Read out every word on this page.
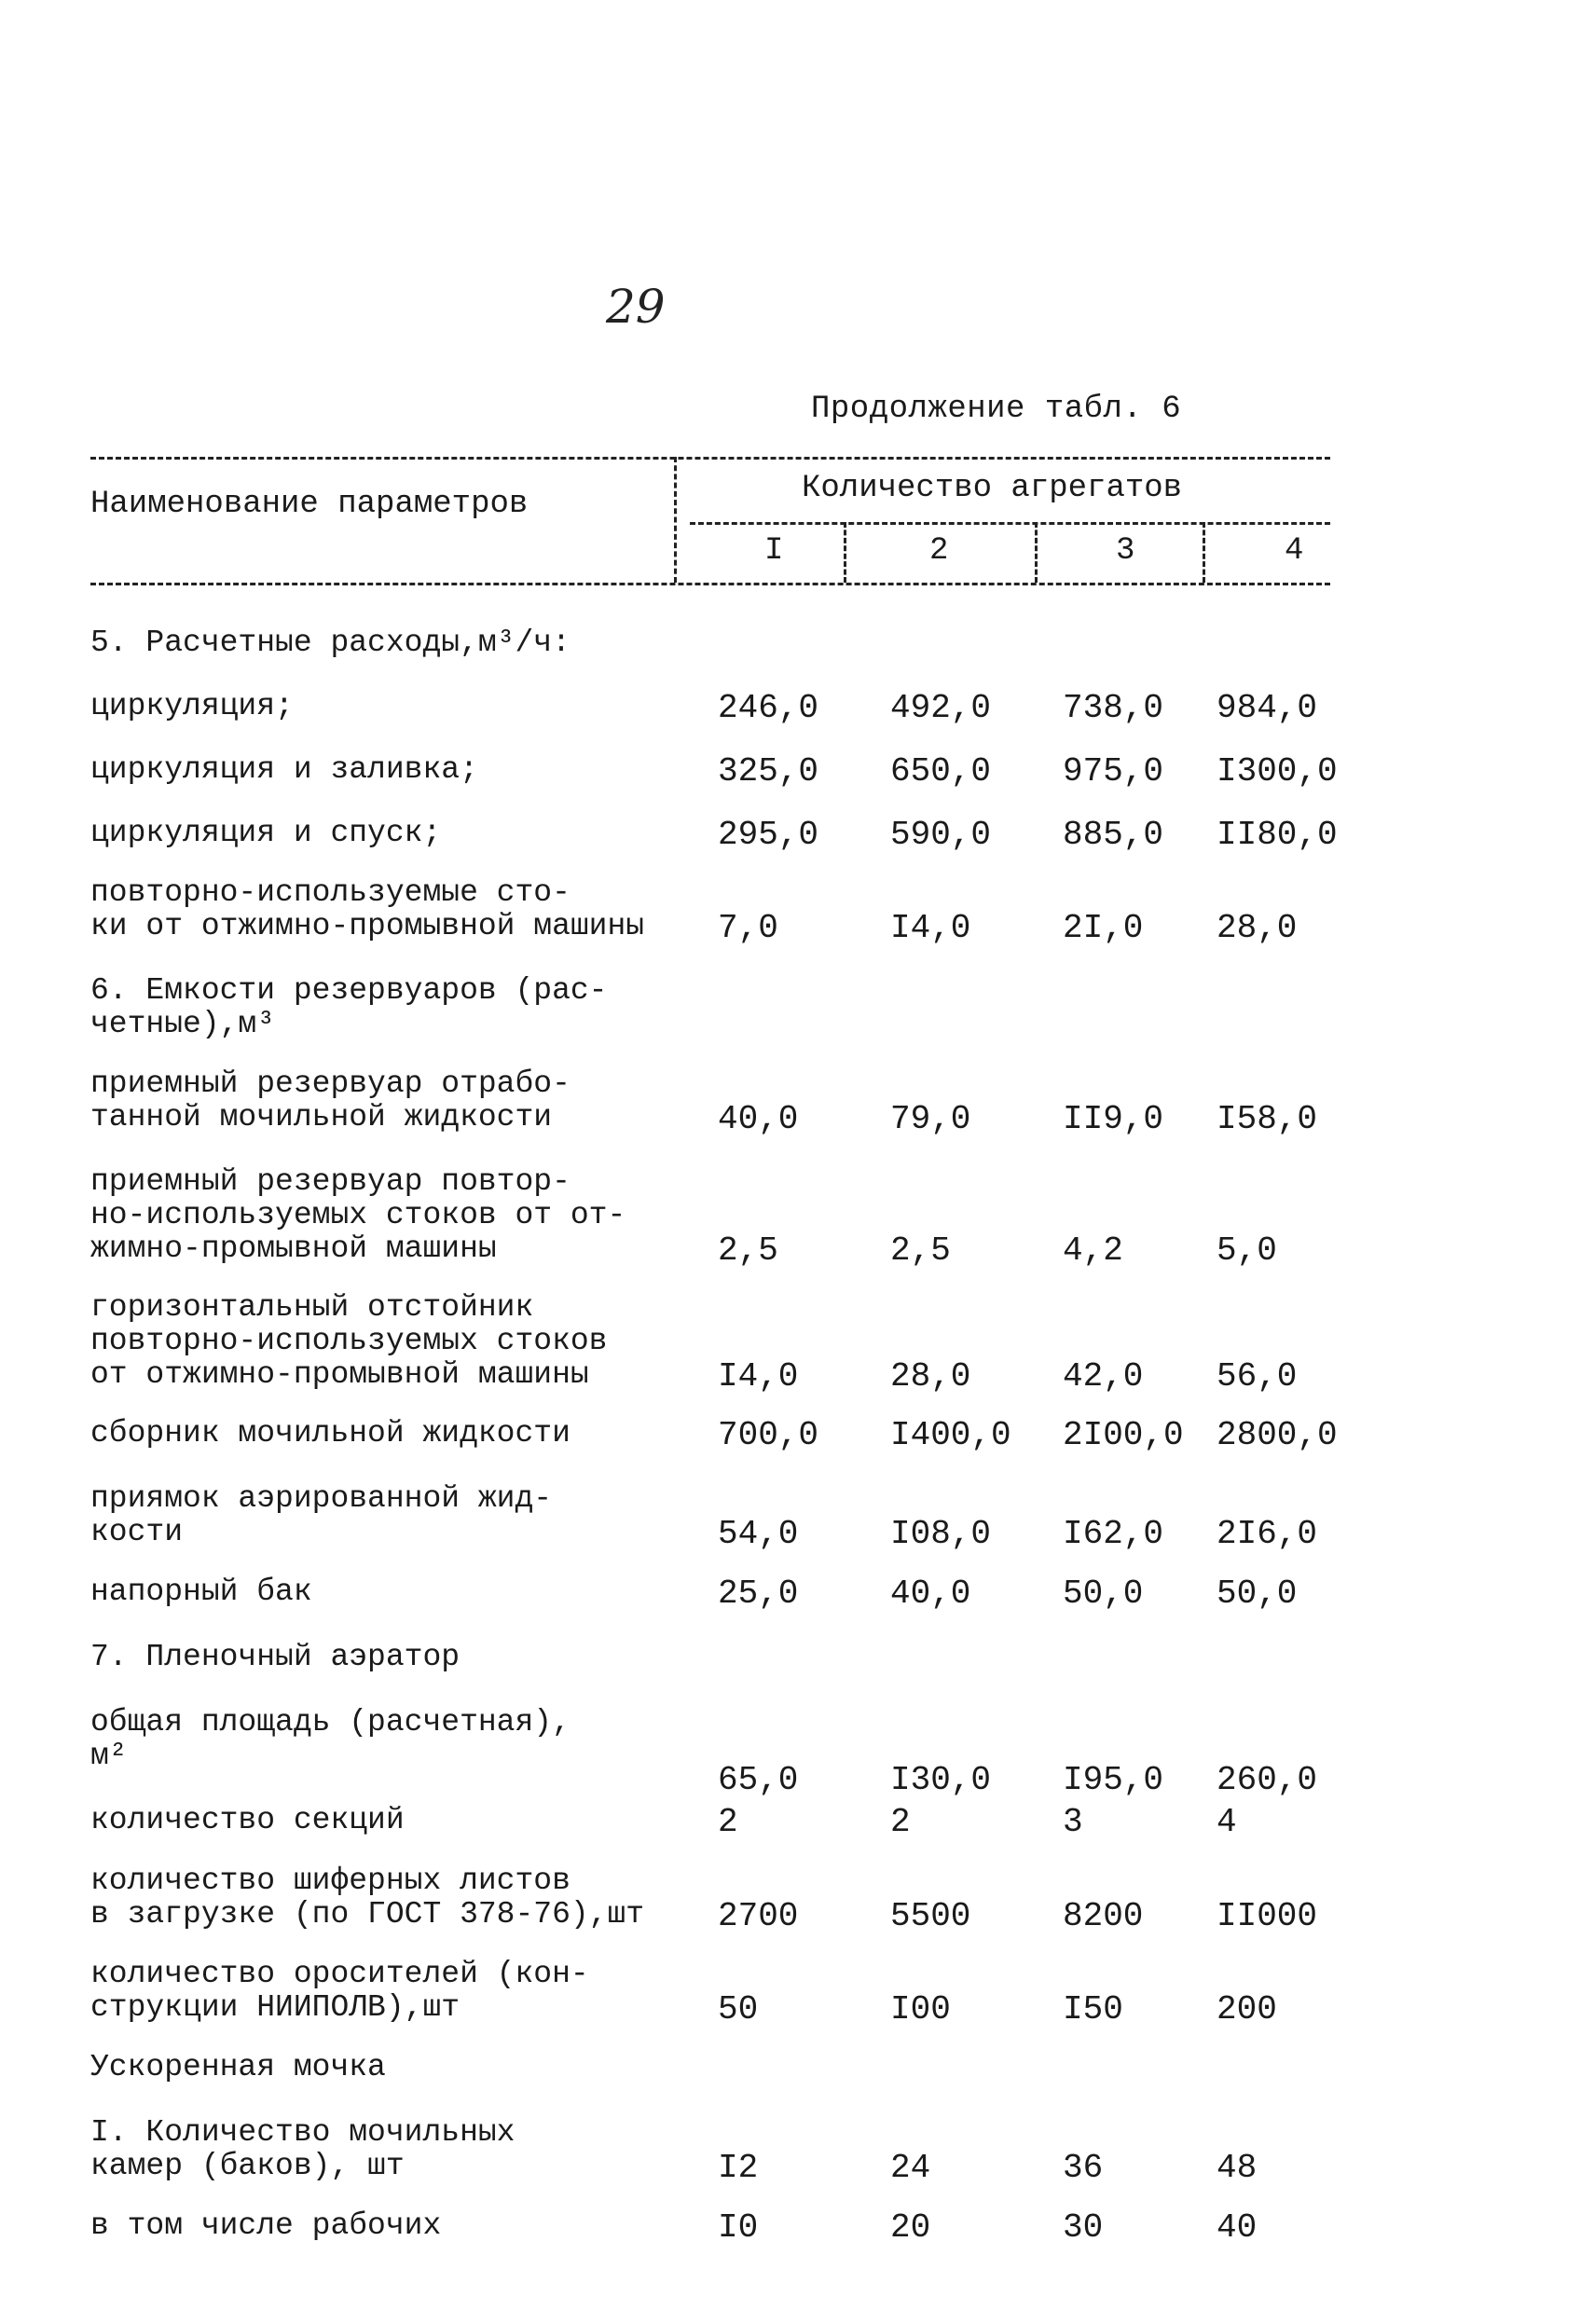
29
Продолжение табл. 6
Наименование параметров	Количество агрегатов
I	2	3	4
5. Расчетные расходы,м³/ч:
циркуляция;	246,0 492,0 738,0 984,0
циркуляция и заливка;	325,0 650,0 975,0 I300,0
циркуляция и спуск;	295,0 590,0 885,0 II80,0
повторно-используемые сто-
ки от отжимно-промывной машины	7,0	I4,0	2I,0 28,0
6. Емкости резервуаров (рас-
четные),м³
приемный резервуар отрабо-
танной мочильной жидкости	40,0	79,0	II9,0 I58,0
приемный резервуар повтор-
но-используемых стоков от от-
жимно-промывной машины	2,5	2,5	4,2	5,0
горизонтальный отстойник
повторно-используемых стоков
от отжимно-промывной машины	I4,0	28,0	42,0 56,0
сборник мочильной жидкости	700,0 I400,0 2I00,0 2800,0
приямок аэрированной жид-
кости	54,0	I08,0 I62,0 2I6,0
напорный бак	25,0	40,0	50,0 50,0
7. Пленочный аэратор
общая площадь (расчетная),
м²
65,0	I30,0 I95,0 260,0
количество секций	2	2	3	4
количество шиферных листов
в загрузке (по ГОСТ 378-76),шт	2700	5500	8200 II000
количество оросителей (кон-
струкции НИИПОЛВ),шт	50	I00	I50	200
Ускоренная мочка
I. Количество мочильных
камер (баков), шт	I2	24	36	48
в том числе рабочих	I0	20	30	40
